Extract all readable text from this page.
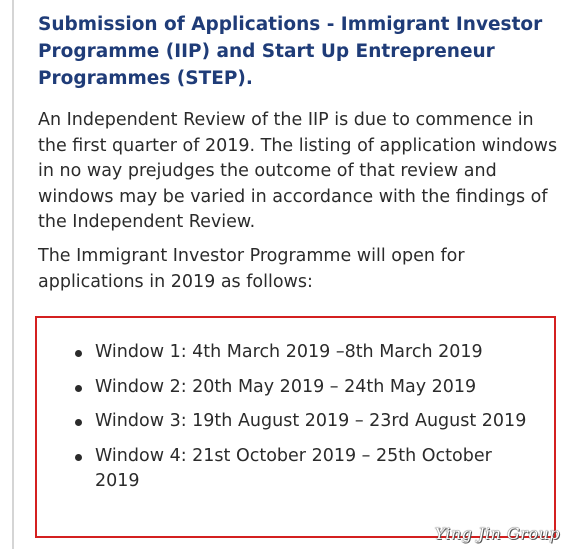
Submission of Applications - Immigrant Investor Programme (IIP) and Start Up Entrepreneur Programmes (STEP).

An Independent Review of the IIP is due to commence in the first quarter of 2019. The listing of application windows in no way prejudges the outcome of that review and windows may be varied in accordance with the findings of the Independent Review.

The Immigrant Investor Programme will open for applications in 2019 as follows:

Window 1: 4th March 2019 –8th March 2019
Window 2: 20th May 2019 – 24th May 2019
Window 3: 19th August 2019 – 23rd August 2019
Window 4: 21st October 2019 – 25th October 2019
Ying Jin Group
